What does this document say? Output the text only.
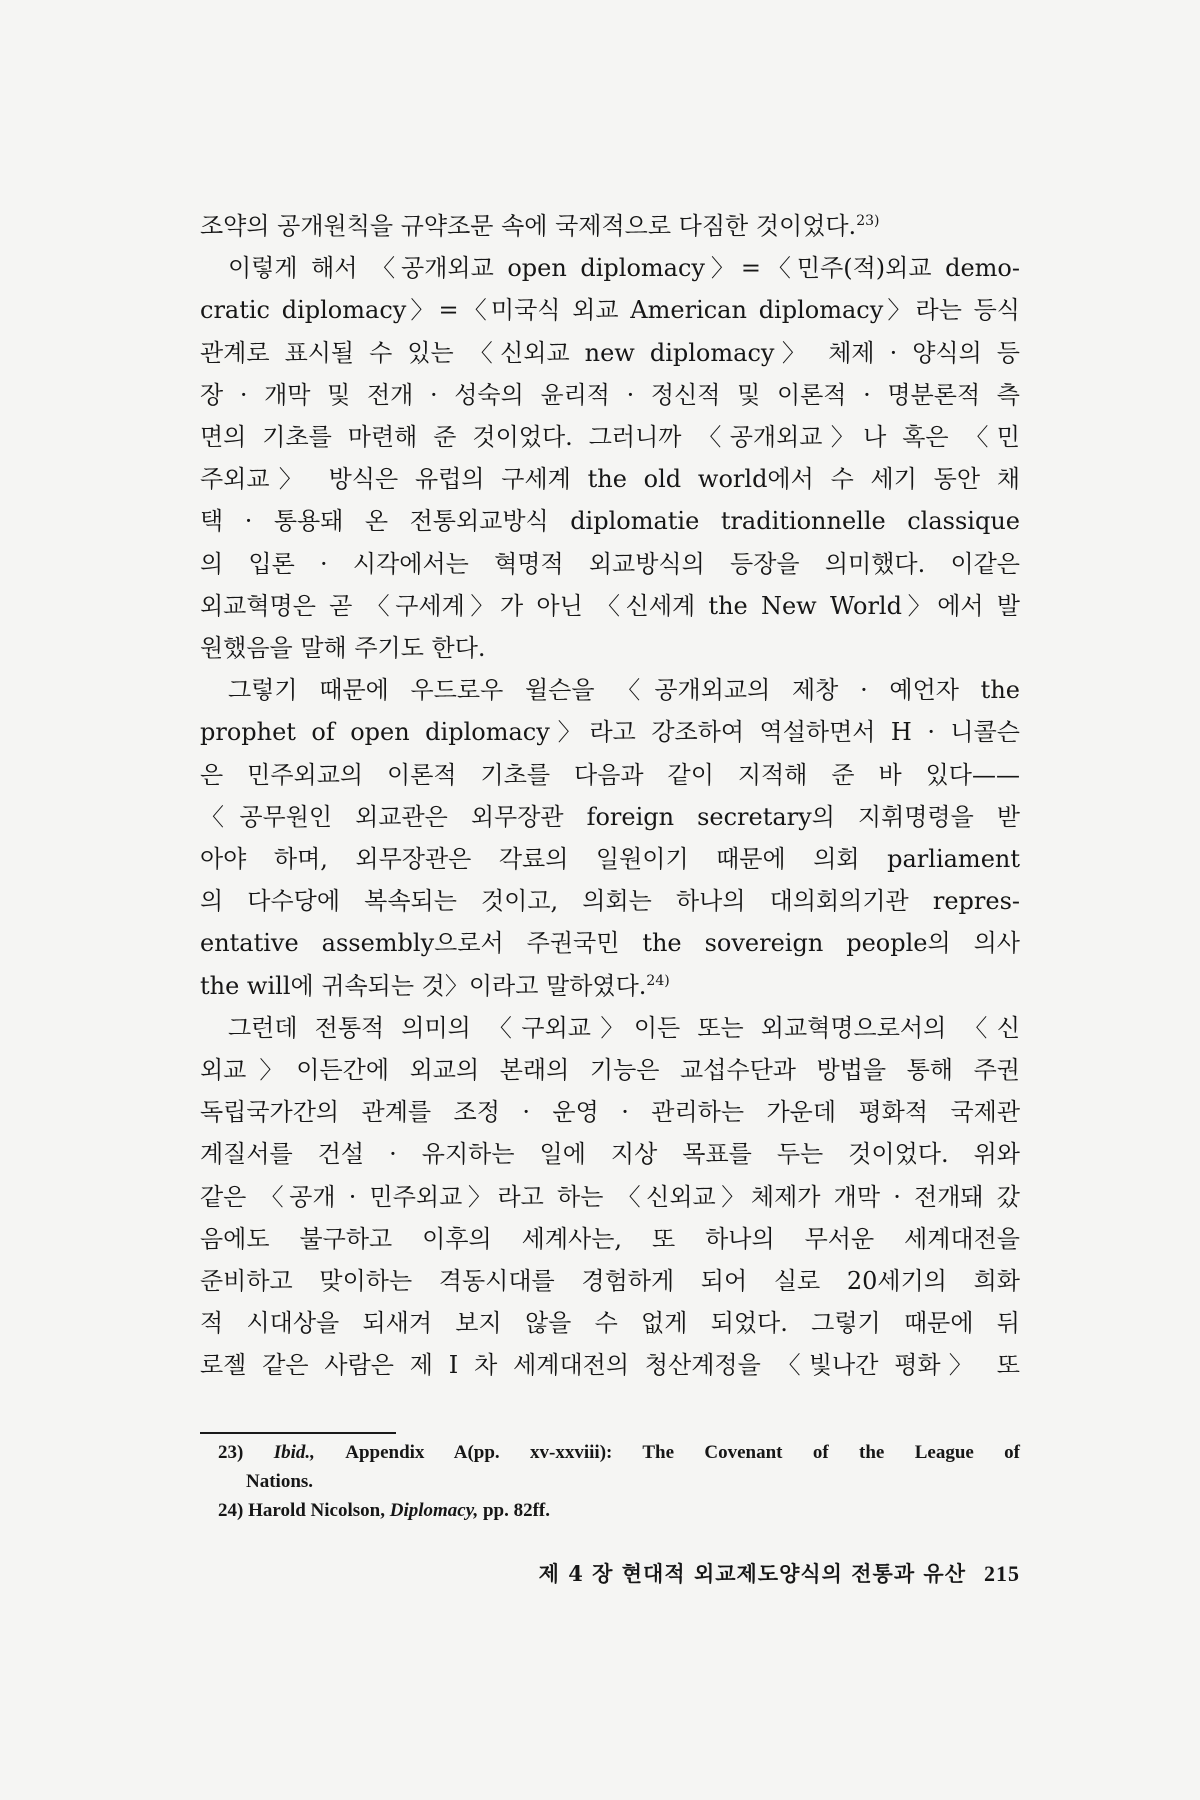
조약의 공개원칙을 규약조문 속에 국제적으로 다짐한 것이었다.$^{23)}$

이렇게 해서 〈공개외교 open diplomacy〉=〈민주(적)외교 demo-
cratic diplomacy〉=〈미국식 외교 American diplomacy〉라는 등식
관계로 표시될 수 있는 〈신외교 new diplomacy〉 체제 · 양식의 등
장 · 개막 및 전개 · 성숙의 윤리적 · 정신적 및 이론적 · 명분론적 측
면의 기초를 마련해 준 것이었다. 그러니까 〈공개외교〉나 혹은 〈민
주외교〉 방식은 유럽의 구세계 the old world에서 수 세기 동안 채
택 · 통용돼 온 전통외교방식 diplomatie traditionnelle classique
의 입론 · 시각에서는 혁명적 외교방식의 등장을 의미했다. 이같은
외교혁명은 곧 〈구세계〉가 아닌 〈신세계 the New World〉에서 발
원했음을 말해 주기도 한다.

그렇기 때문에 우드로우 윌슨을 〈공개외교의 제창 · 예언자 the
prophet of open diplomacy〉라고 강조하여 역설하면서 H · 니콜슨
은 민주외교의 이론적 기초를 다음과 같이 지적해 준 바 있다——
〈공무원인 외교관은 외무장관 foreign secretary의 지휘명령을 받
아야 하며, 외무장관은 각료의 일원이기 때문에 의회 parliament
의 다수당에 복속되는 것이고, 의회는 하나의 대의회의기관 repres-
entative assembly으로서 주권국민 the sovereign people의 의사
the will에 귀속되는 것〉이라고 말하였다.$^{24)}$

그런데 전통적 의미의 〈구외교〉이든 또는 외교혁명으로서의 〈신
외교〉이든간에 외교의 본래의 기능은 교섭수단과 방법을 통해 주권
독립국가간의 관계를 조정 · 운영 · 관리하는 가운데 평화적 국제관
계질서를 건설 · 유지하는 일에 지상 목표를 두는 것이었다. 위와
같은 〈공개 · 민주외교〉라고 하는 〈신외교〉체제가 개막 · 전개돼 갔
음에도 불구하고 이후의 세계사는, 또 하나의 무서운 세계대전을
준비하고 맞이하는 격동시대를 경험하게 되어 실로 20세기의 희화
적 시대상을 되새겨 보지 않을 수 없게 되었다. 그렇기 때문에 뒤
로젤 같은 사람은 제 I 차 세계대전의 청산계정을 〈빛나간 평화〉 또

23) Ibid., Appendix A(pp. xv-xxviii): The Covenant of the League of
Nations.

24) Harold Nicolson, Diplomacy, pp. 82ff.

제 4 장 현대적 외교제도양식의 전통과 유산 215
